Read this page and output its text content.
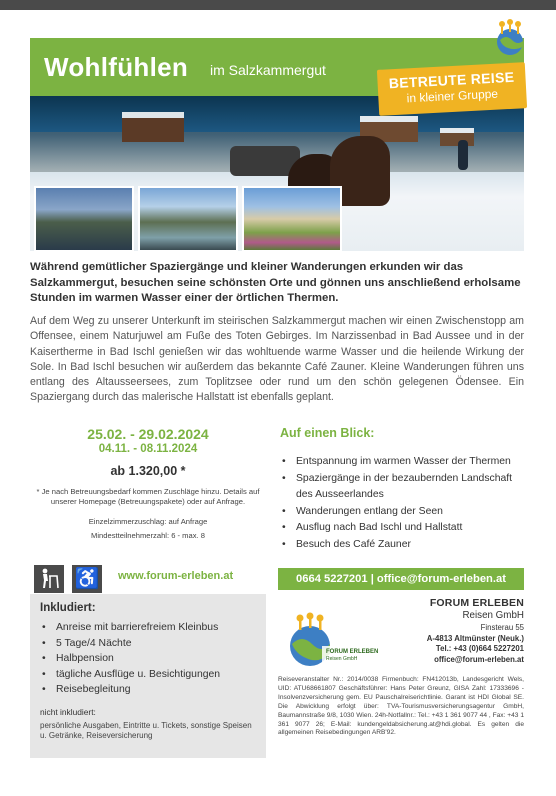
Wohlfühlen im Salzkammergut	BETREUTE REISE
in kleiner Gruppe

Während gemütlicher Spaziergänge und kleiner Wanderungen erkunden wir das Salzkammergut, besuchen seine schönsten Orte und gönnen uns anschließend erholsame Stunden im warmen Wasser einer der örtlichen Thermen.

Auf dem Weg zu unserer Unterkunft im steirischen Salzkammergut machen wir einen Zwischenstopp am Offensee, einem Naturjuwel am Fuße des Toten Gebirges. Im Narzissenbad in Bad Aussee und in der Kaisertherme in Bad Ischl genießen wir das wohltuende warme Wasser und die heilende Wirkung der Sole. In Bad Ischl besuchen wir außerdem das bekannte Café Zauner. Kleine Wanderungen führen uns entlang des Altausseersees, zum Toplitzsee oder rund um den schön gelegenen Ödensee. Ein Spaziergang durch das malerische Hallstatt ist ebenfalls geplant.

25.02. - 29.02.2024
04.11. - 08.11.2024
ab 1.320,00 *
* Je nach Betreuungsbedarf kommen Zuschläge hinzu. Details auf unserer Homepage (Betreuungspakete) oder auf Anfrage.
Einzelzimmerzuschlag: auf Anfrage
Mindestteilnehmerzahl: 6 - max. 8
♿ www.forum-erleben.at
Inkludiert:
• Anreise mit barrierefreiem Kleinbus
• 5 Tage/4 Nächte
• Halbpension
• tägliche Ausflüge u. Besichtigungen
• Reisebegleitung
nicht inkludiert:
persönliche Ausgaben, Eintritte u. Tickets, sonstige Speisen u. Getränke, Reiseversicherung
Auf einen Blick:
• Entspannung im warmen Wasser der Thermen
• Spaziergänge in der bezaubernden Landschaft des Ausseerlandes
• Wanderungen entlang der Seen
• Ausflug nach Bad Ischl und Hallstatt
• Besuch des Café Zauner
0664 5227201 | office@forum-erleben.at
FORUM ERLEBEN
Reisen GmbH
FORUM ERLEBEN
Reisen GmbH
Finsterau 55
A-4813 Altmünster (Neuk.)
Tel.: +43 (0)664 5227201
office@forum-erleben.at

Reiseveranstalter Nr.: 2014/0038 Firmenbuch: FN412013b, Landesgericht Wels, UID: ATU68661807 Geschäftsführer: Hans Peter Greunz, GISA Zahl: 17333696 - Insolvenzversicherung gem. EU Pauschalreiserichtlinie. Garant ist HDI Global SE. Die Abwicklung erfolgt über: TVA-Tourismusversicherungsagentur GmbH, Baumannstraße 9/8, 1030 Wien. 24h-Notfallnr.: Tel.: +43 1 361 9077 44 , Fax: +43 1 361 9077 26; E-Mail: kundengeldabsicherung.at@hdi.global. Es gelten die allgemeinen Reisebedingungen ARB'92.
